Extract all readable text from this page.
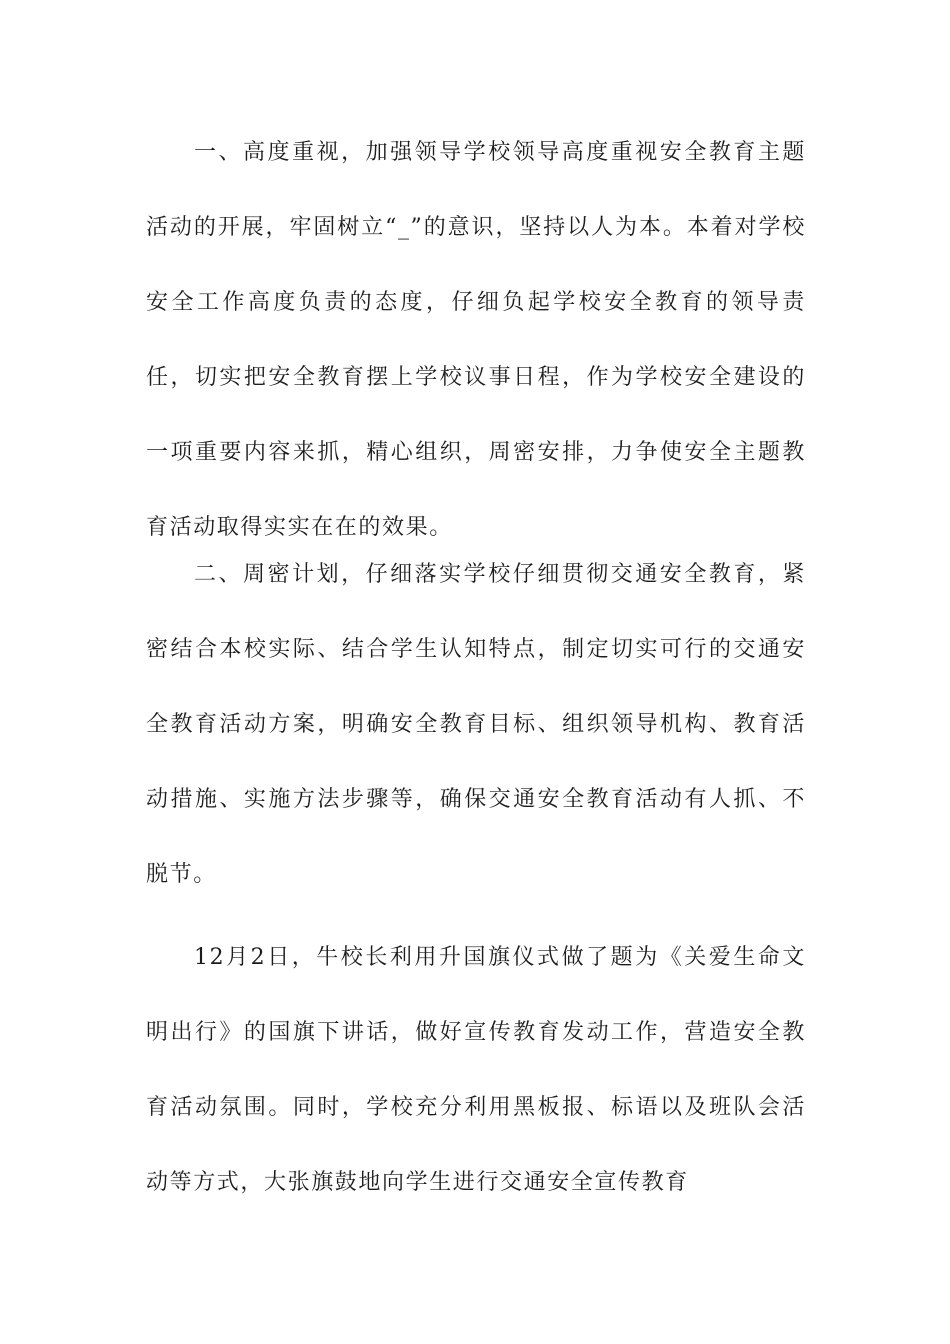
一、高度重视，加强领导学校领导高度重视安全教育主题活动的开展，牢固树立“_”的意识，坚持以人为本。本着对学校安全工作高度负责的态度，仔细负起学校安全教育的领导责任，切实把安全教育摆上学校议事日程，作为学校安全建设的一项重要内容来抓，精心组织，周密安排，力争使安全主题教育活动取得实实在在的效果。

二、周密计划，仔细落实学校仔细贯彻交通安全教育，紧密结合本校实际、结合学生认知特点，制定切实可行的交通安全教育活动方案，明确安全教育目标、组织领导机构、教育活动措施、实施方法步骤等，确保交通安全教育活动有人抓、不脱节。

12月2日，牛校长利用升国旗仪式做了题为《关爱生命文明出行》的国旗下讲话，做好宣传教育发动工作，营造安全教育活动氛围。同时，学校充分利用黑板报、标语以及班队会活动等方式，大张旗鼓地向学生进行交通安全宣传教育
